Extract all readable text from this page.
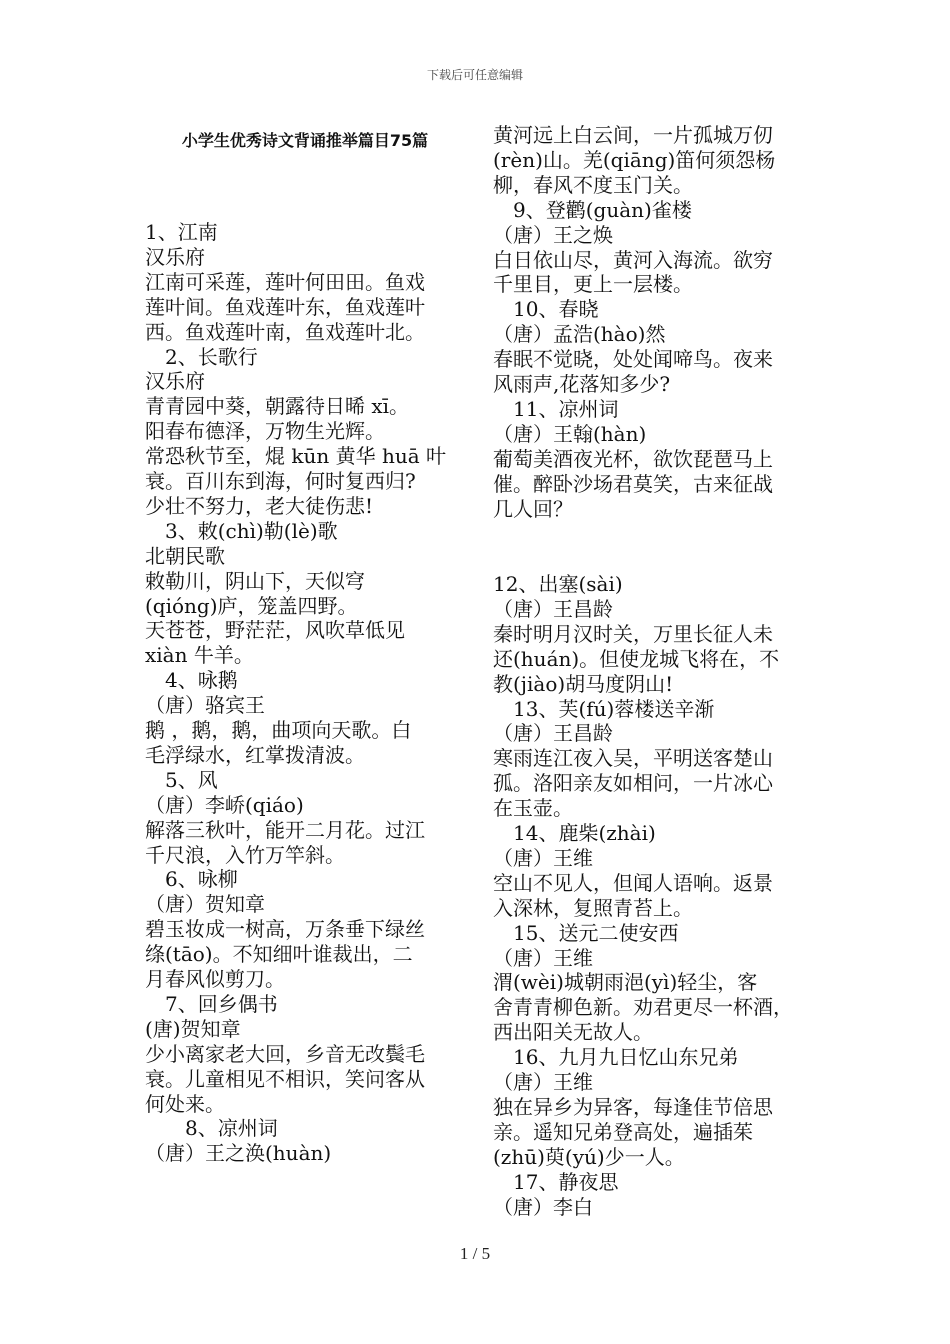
下载后可任意编辑
小学生优秀诗文背诵推举篇目75篇
1、江南
汉乐府
江南可采莲，莲叶何田田。鱼戏
莲叶间。鱼戏莲叶东，鱼戏莲叶
西。鱼戏莲叶南，鱼戏莲叶北。
　2、长歌行
汉乐府
青青园中葵，朝露待日晞 xī。
阳春布德泽，万物生光辉。
常恐秋节至，焜 kūn 黄华 huā 叶
衰。百川东到海，何时复西归?
少壮不努力，老大徒伤悲!
　3、敕(chì)勒(lè)歌
北朝民歌
敕勒川，阴山下，天似穹
(qióng)庐，笼盖四野。
天苍苍，野茫茫，风吹草低见
xiàn 牛羊。
　4、咏鹅
（唐）骆宾王
鹅 ，鹅，鹅，曲项向天歌。白
毛浮绿水，红掌拨清波。
　5、风
（唐）李峤(qiáo)
解落三秋叶，能开二月花。过江
千尺浪，入竹万竿斜。
　6、咏柳
（唐）贺知章
碧玉妆成一树高，万条垂下绿丝
绦(tāo)。不知细叶谁裁出，二
月春风似剪刀。
　7、回乡偶书
(唐)贺知章
少小离家老大回，乡音无改鬓毛
衰。儿童相见不相识，笑问客从
何处来。
　　8、凉州词
（唐）王之涣(huàn)
黄河远上白云间，一片孤城万仞
(rèn)山。羌(qiāng)笛何须怨杨
柳，春风不度玉门关。
　9、登鹳(guàn)雀楼
（唐）王之焕
白日依山尽，黄河入海流。欲穷
千里目，更上一层楼。
　10、春晓
（唐）孟浩(hào)然
春眠不觉晓，处处闻啼鸟。夜来
风雨声,花落知多少?
　11、凉州词
（唐）王翰(hàn)
葡萄美酒夜光杯，欲饮琵琶马上
催。醉卧沙场君莫笑，古来征战
几人回？
12、出塞(sài)
（唐）王昌龄
秦时明月汉时关，万里长征人未
还(huán)。但使龙城飞将在，不
教(jiào)胡马度阴山!
　13、芙(fú)蓉楼送辛渐
（唐）王昌龄
寒雨连江夜入吴，平明送客楚山
孤。洛阳亲友如相问，一片冰心
在玉壶。
　14、鹿柴(zhài)
（唐）王维
空山不见人，但闻人语响。返景
入深林，复照青苔上。
　15、送元二使安西
（唐）王维
渭(wèi)城朝雨浥(yì)轻尘，客
舍青青柳色新。劝君更尽一杯酒，
西出阳关无故人。
　16、九月九日忆山东兄弟
（唐）王维
独在异乡为异客，每逢佳节倍思
亲。遥知兄弟登高处，遍插茱
(zhū)萸(yú)少一人。
　17、静夜思
（唐）李白
1 / 5
